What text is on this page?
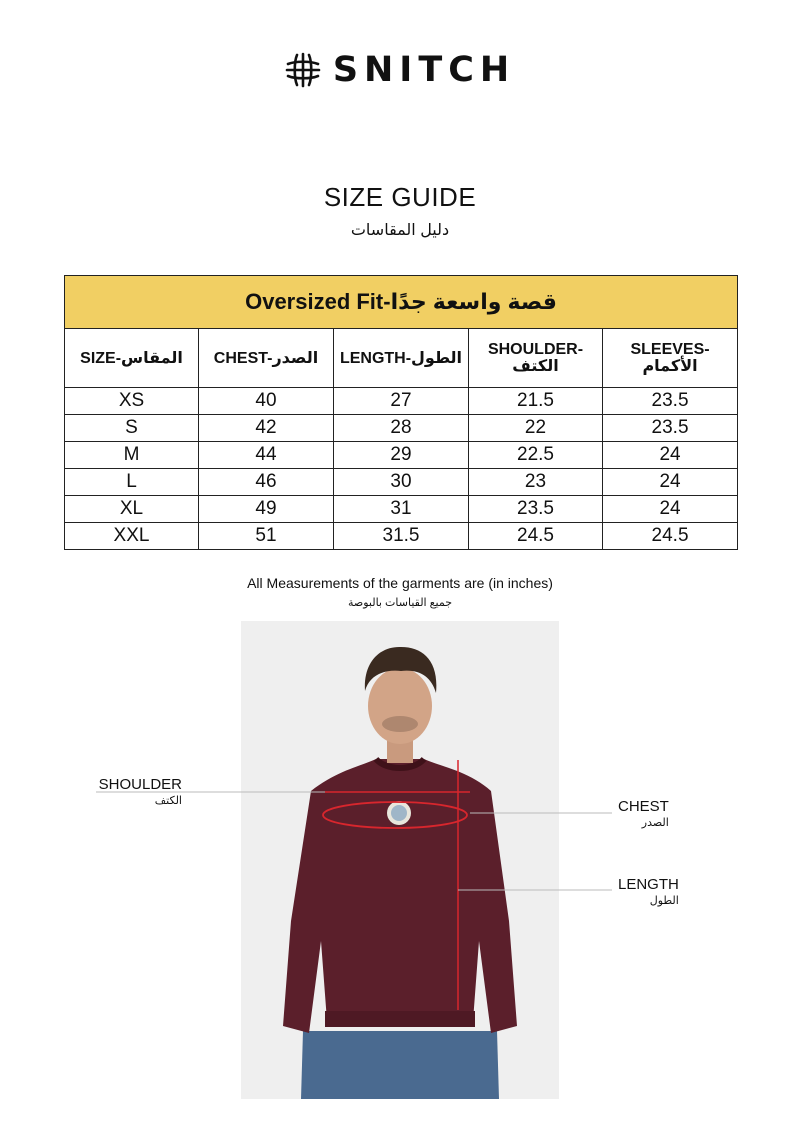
SNITCH
SIZE GUIDE
دليل المقاسات
Oversized Fit-قصة واسعة جدًا				
SIZE-المقاس	CHEST-الصدر	LENGTH-الطول	SHOULDER-الكتف	SLEEVES-الأكمام
XS	40	27	21.5	23.5
S	42	28	22	23.5
M	44	29	22.5	24
L	46	30	23	24
XL	49	31	23.5	24
XXL	51	31.5	24.5	24.5
All Measurements of the garments are (in inches)
جميع القياسات بالبوصة
SHOULDER
الكتف	CHEST
الصدر
LENGTH
الطول
